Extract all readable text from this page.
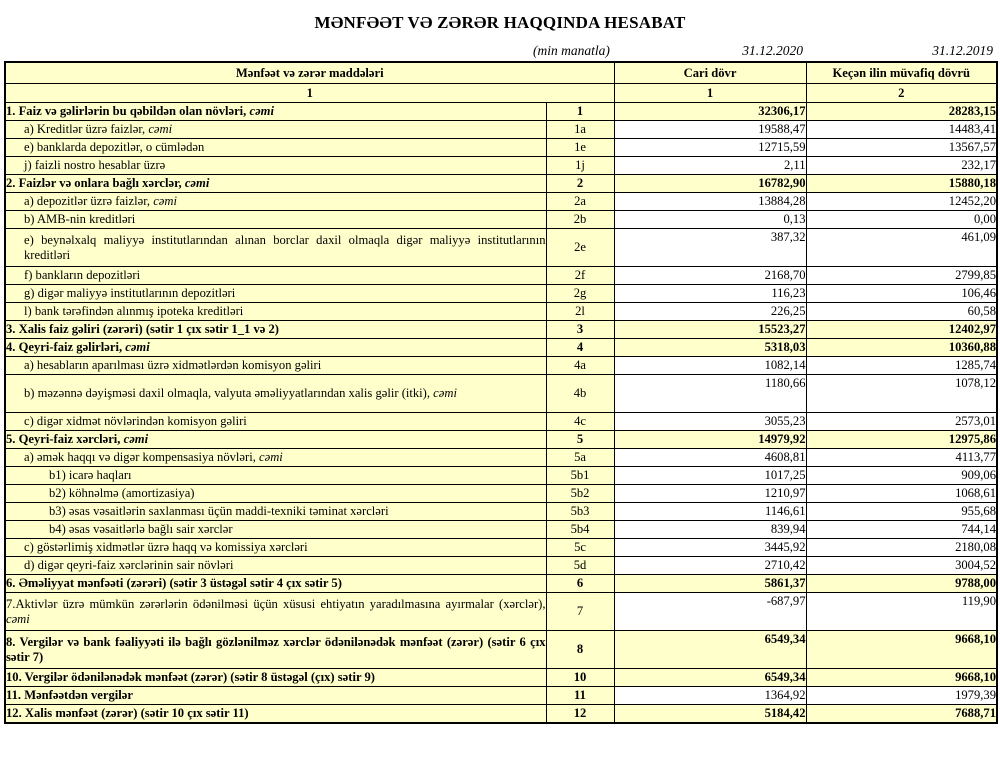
MƏNFƏƏT VƏ ZƏRƏR HAQQINDA HESABAT
(min manatla)	31.12.2020	31.12.2019
Mənfəət və zərər maddələri		Cari dövr	Keçən ilin müvafiq dövrü
1		1	2
1. Faiz və gəlirlərin bu qəbildən olan növləri, cəmi	1	32306,17	28283,15
a) Kreditlər üzrə faizlər, cəmi	1a	19588,47	14483,41
e) banklarda depozitlər, o cümlədən	1e	12715,59	13567,57
j) faizli nostro hesablar üzrə	1j	2,11	232,17
2. Faizlər və onlara bağlı xərclər, cəmi	2	16782,90	15880,18
a) depozitlər üzrə faizlər, cəmi	2a	13884,28	12452,20
b) AMB-nin kreditləri	2b	0,13	0,00
e) beynəlxalq maliyyə institutlarından alınan borclar daxil olmaqla digər maliyyə institutlarının kreditləri	2e	387,32	461,09
f) bankların depozitləri	2f	2168,70	2799,85
g) digər maliyyə institutlarının depozitləri	2g	116,23	106,46
l) bank tərəfindən alınmış ipoteka kreditləri	2l	226,25	60,58
3. Xalis faiz gəliri (zərəri) (sətir 1 çıx sətir 1_1 və 2)	3	15523,27	12402,97
4. Qeyri-faiz gəlirləri, cəmi	4	5318,03	10360,88
a) hesabların aparılması üzrə xidmətlərdən komisyon gəliri	4a	1082,14	1285,74
b) məzənnə dəyişməsi daxil olmaqla, valyuta əməliyyatlarından xalis gəlir (itki), cəmi	4b	1180,66	1078,12
c) digər xidmət növlərindən komisyon gəliri	4c	3055,23	2573,01
5. Qeyri-faiz xərcləri, cəmi	5	14979,92	12975,86
a) əmək haqqı və digər kompensasiya növləri, cəmi	5a	4608,81	4113,77
b1) icarə haqları	5b1	1017,25	909,06
b2) köhnəlmə (amortizasiya)	5b2	1210,97	1068,61
b3) əsas vəsaitlərin saxlanması üçün maddi-texniki təminat xərcləri	5b3	1146,61	955,68
b4) əsas vəsaitlərlə bağlı sair xərclər	5b4	839,94	744,14
c) göstərlimiş xidmətlər üzrə haqq və komissiya xərcləri	5c	3445,92	2180,08
d) digər qeyri-faiz xərclərinin sair növləri	5d	2710,42	3004,52
6. Əməliyyat mənfəəti (zərəri) (sətir 3 üstəgəl sətir 4 çıx sətir 5)	6	5861,37	9788,00
7.Aktivlər üzrə mümkün zərərlərin ödənilməsi üçün xüsusi ehtiyatın yaradılmasına ayırmalar (xərclər), cəmi	7	-687,97	119,90
8. Vergilər və bank fəaliyyəti ilə bağlı gözlənilməz xərclər ödənilənədək mənfəət (zərər) (sətir 6 çıx sətir 7)	8	6549,34	9668,10
10. Vergilər ödənilənədək mənfəət (zərər) (sətir 8 üstəgəl (çıx) sətir 9)	10	6549,34	9668,10
11. Mənfəətdən vergilər	11	1364,92	1979,39
12. Xalis mənfəət (zərər) (sətir 10 çıx sətir 11)	12	5184,42	7688,71
